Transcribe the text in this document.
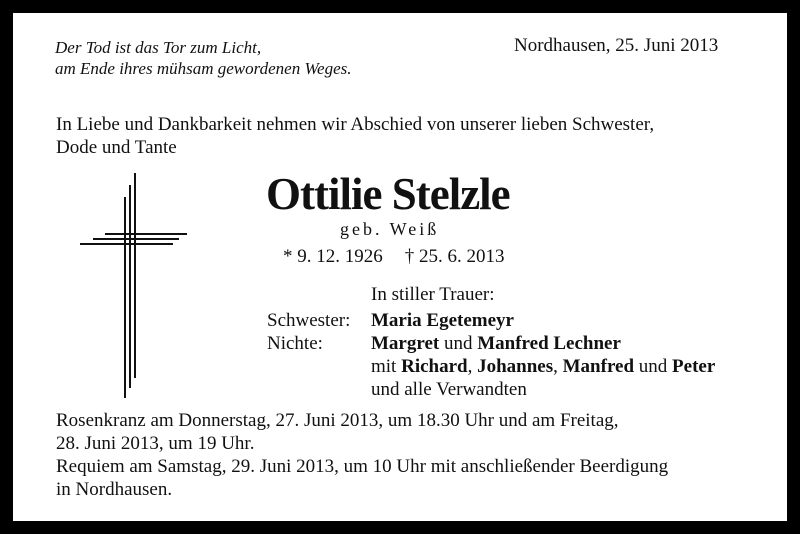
Der Tod ist das Tor zum Licht,
am Ende ihres mühsam gewordenen Weges.
Nordhausen, 25. Juni 2013
In Liebe und Dankbarkeit nehmen wir Abschied von unserer lieben Schwester,
Dode und Tante
Ottilie Stelzle
geb. Weiß
* 9. 12. 1926 † 25. 6. 2013
In stiller Trauer:
Schwester: Maria Egetemeyr
Nichte:	Margret und Manfred Lechner
mit Richard, Johannes, Manfred und Peter
und alle Verwandten
Rosenkranz am Donnerstag, 27. Juni 2013, um 18.30 Uhr und am Freitag,
28. Juni 2013, um 19 Uhr.
Requiem am Samstag, 29. Juni 2013, um 10 Uhr mit anschließender Beerdigung
in Nordhausen.
